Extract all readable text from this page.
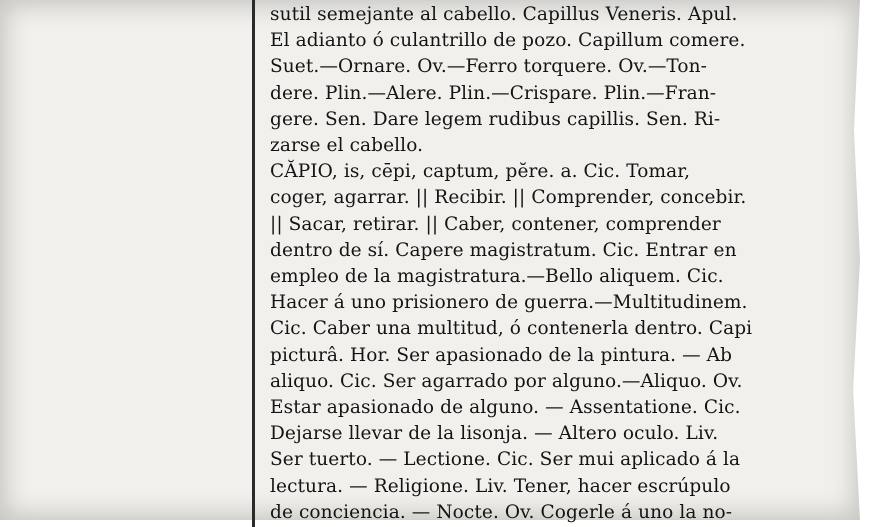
sutil semejante al cabello. Capillus Veneris. Apul.
El adianto ó culantrillo de pozo. Capillum comere.
Suet.—Ornare. Ov.—Ferro torquere. Ov.—Ton-
dere. Plin.—Alere. Plin.—Crispare. Plin.—Fran-
gere. Sen. Dare legem rudibus capillis. Sen. Ri-
zarse el cabello.
CĂPIO, is, cēpi, captum, pĕre. a. Cic. Tomar,
coger, agarrar. || Recibir. || Comprender, concebir.
|| Sacar, retirar. || Caber, contener, comprender
dentro de sí. Capere magistratum. Cic. Entrar en
empleo de la magistratura.—Bello aliquem. Cic.
Hacer á uno prisionero de guerra.—Multitudinem.
Cic. Caber una multitud, ó contenerla dentro. Capi
picturâ. Hor. Ser apasionado de la pintura. — Ab
aliquo. Cic. Ser agarrado por alguno.—Aliquo. Ov.
Estar apasionado de alguno. — Assentatione. Cic.
Dejarse llevar de la lisonja. — Altero oculo. Liv.
Ser tuerto. — Lectione. Cic. Ser mui aplicado á la
lectura. — Religione. Liv. Tener, hacer escrúpulo
de conciencia. — Nocte. Ov. Cogerle á uno la no-
